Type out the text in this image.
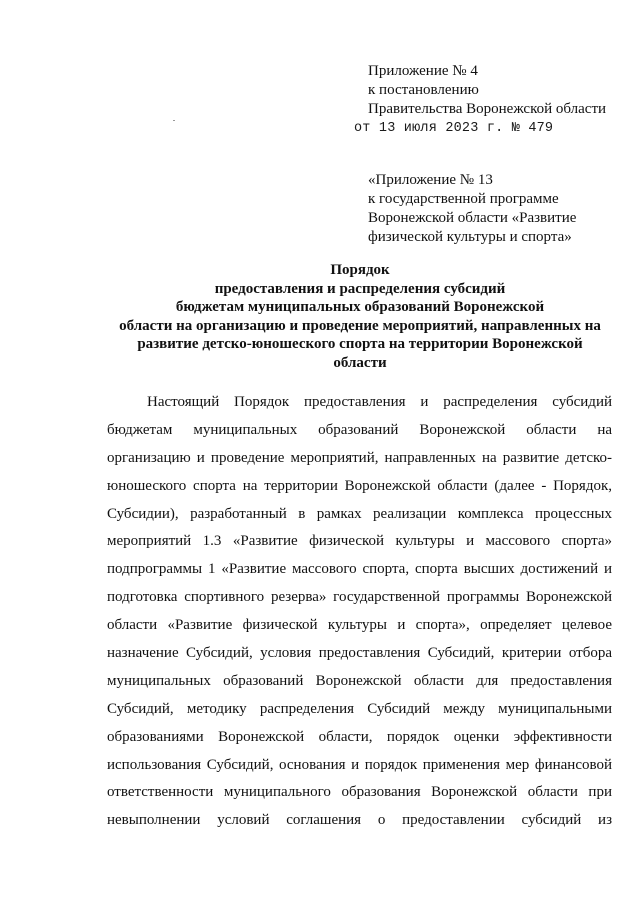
Приложение № 4
к постановлению
Правительства Воронежской области
от 13 июля 2023 г. № 479
«Приложение № 13
к государственной программе
Воронежской области «Развитие
физической культуры и спорта»
Порядок
предоставления и распределения субсидий
бюджетам муниципальных образований Воронежской
области на организацию и проведение мероприятий, направленных на
развитие детско-юношеского спорта на территории Воронежской
области
Настоящий Порядок предоставления и распределения субсидий
бюджетам муниципальных образований Воронежской области на
организацию и проведение мероприятий, направленных на развитие детско-
юношеского спорта на территории Воронежской области (далее - Порядок,
Субсидии), разработанный в рамках реализации комплекса процессных
мероприятий 1.3 «Развитие физической культуры и массового спорта»
подпрограммы 1 «Развитие массового спорта, спорта высших достижений и
подготовка спортивного резерва» государственной программы Воронежской
области «Развитие физической культуры и спорта», определяет целевое
назначение Субсидий, условия предоставления Субсидий, критерии отбора
муниципальных образований Воронежской области для предоставления
Субсидий, методику распределения Субсидий между муниципальными
образованиями Воронежской области, порядок оценки эффективности
использования Субсидий, основания и порядок применения мер финансовой
ответственности муниципального образования Воронежской области при
невыполнении условий соглашения о предоставлении субсидий из
